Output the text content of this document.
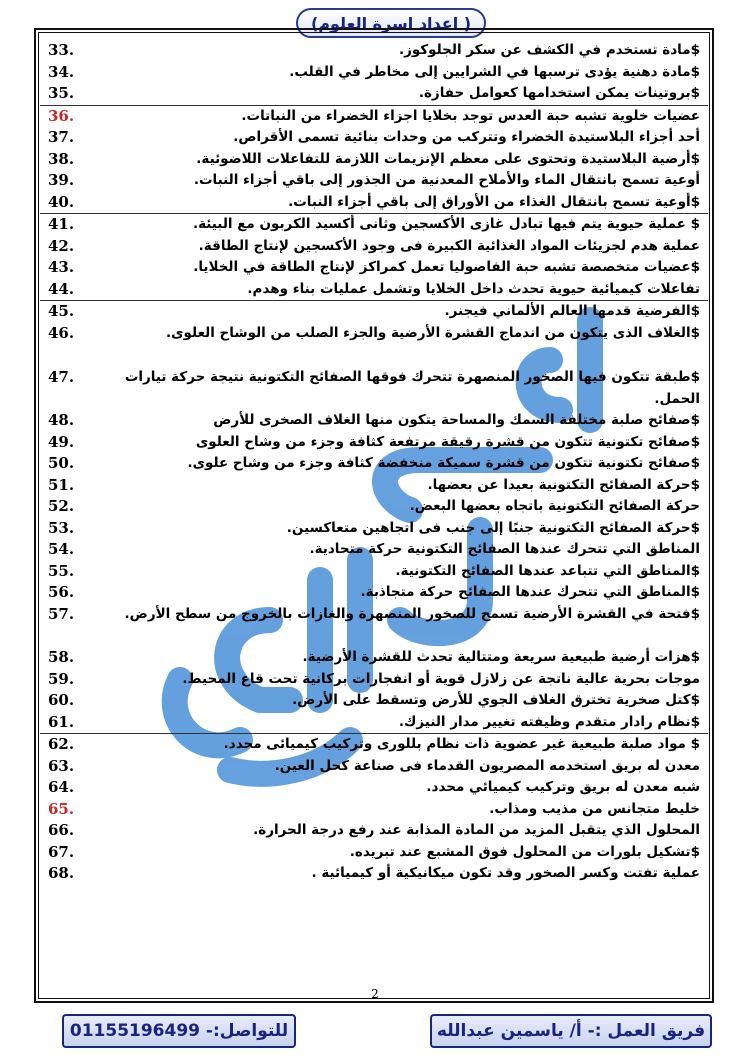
(اعداد اسرة العلوم )
33.	$مادة تستخدم في الكشف عن سكر الجلوكوز.
34.	$مادة دهنية يؤدى ترسبها في الشرايين إلى مخاطر في القلب.
35.	$بروتينات يمكن استخدامها كعوامل حفازة.
36.	عضيات خلوية تشبه حبة العدس توجد بخلايا اجزاء الخضراء من النباتات.
37.	أحد أجزاء البلاستيدة الخضراء وتتركب من وحدات بنائية تسمى الأقراص.
38.	$أرضية البلاستيدة وتحتوى على معظم الإنزيمات اللازمة للتفاعلات اللاضوئية.
39.	أوعية تسمح بانتقال الماء والأملاح المعدنية من الجذور إلى باقي أجزاء النبات.
40.	$أوعية تسمح بانتقال الغذاء من الأوراق إلى باقي أجزاء النبات.
41.	$ عملية حيوية يتم فيها تبادل غازى الأكسجين وثانى أكسيد الكربون مع البيئة.
42.	عملية هدم لجزيئات المواد الغذائية الكبيرة فى وجود الأكسجين لإنتاج الطاقة.
43.	$عضيات متخصصة تشبه حبة الفاصوليا تعمل كمراكز لإنتاج الطاقة في الخلايا.
44.	تفاعلات كيميائية حيوية تحدث داخل الخلايا وتشمل عمليات بناء وهدم.
45.	$الفرضية قدمها العالم الألماني فيجنر.
46.	$الغلاف الذى يتكون من اندماج القشرة الأرضية والجزء الصلب من الوشاح العلوى.
47.	$طبقة تتكون فيها الصخور المنصهرة تتحرك فوقها الصفائح التكتونية نتيجة حركة تيارات الحمل.
48.	$صفائح صلبة مختلفة السمك والمساحة يتكون منها الغلاف الصخرى للأرض
49.	$صفائح تكتونية تتكون من قشرة رقيقة مرتفعة كثافة وجزء من وشاح العلوى
50.	$صفائح تكتونية تتكون من قشرة سميكة منخفضة كثافة وجزء من وشاح علوى.
51.	$حركة الصفائح التكتونية بعيدا عن بعضها.
52.	حركة الصفائح التكتونية باتجاه بعضها البعض.
53.	$حركة الصفائح التكتونية جنبًا إلى جنب فى اتجاهين متعاكسين.
54.	المناطق التي تتحرك عندها الصفائح التكتونية حركة متحادية.
55.	$المناطق التي تتباعد عندها الصفائح التكتونية.
56.	$المناطق التي تتحرك عندها الصفائح حركة متجاذبة.
57.	$فتحة في القشرة الأرضية تسمح للصخور المنصهرة والغازات بالخروج من سطح الأرض.
58.	$هزات أرضية طبيعية سريعة ومتتالية تحدث للقشرة الأرضية.
59.	موجات بحرية عالية ناتجة عن زلازل قوية أو انفجارات بركانية تحت قاع المحيط.
60.	$كتل صخرية تخترق الغلاف الجوي للأرض وتسقط على الأرض.
61.	$نظام رادار متقدم وظيفته تغيير مدار النيزك.
62.	$ مواد صلبة طبيعية غير عضوية ذات نظام بللورى وتركيب كيميائى محدد.
63.	معدن له بريق استخدمه المصريون القدماء فى صناعة كحل العين.
64.	شبه معدن له بريق وتركيب كيميائي محدد.
65.	خليط متجانس من مذيب ومذاب.
66.	المحلول الذي يتقبل المزيد من المادة المذابة عند رفع درجة الحرارة.
67.	$تشكيل بلورات من المحلول فوق المشبع عند تبريده.
68.	عملية تفتت وكسر الصخور وقد تكون ميكانيكية أو كيميائية .
2
فريق العمل :- أ/ ياسمين عبدالله
للتواصل:-

01155196499
